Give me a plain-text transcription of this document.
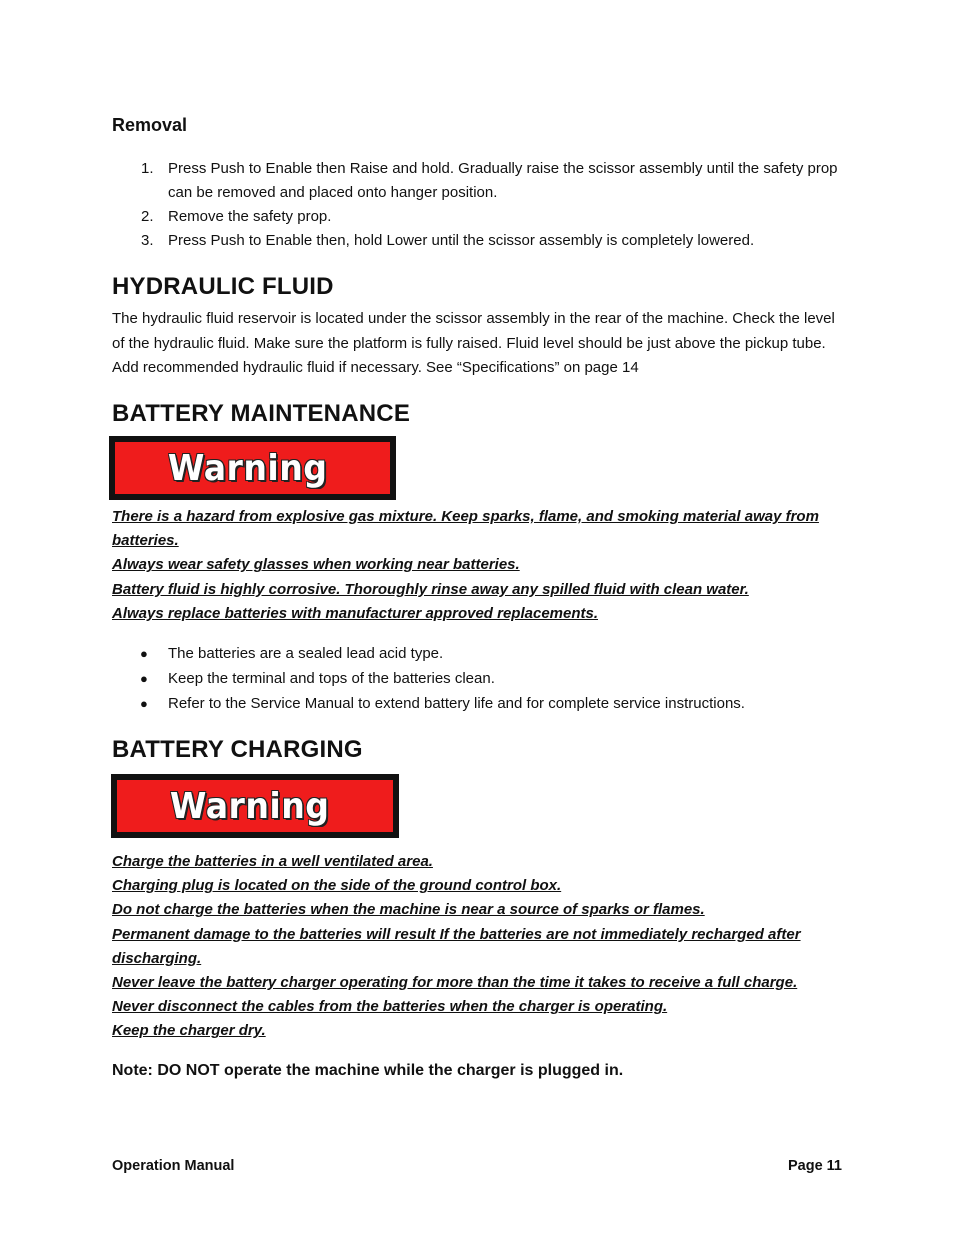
Removal
1. Press Push to Enable then Raise and hold. Gradually raise the scissor assembly until the safety prop can be removed and placed onto hanger position.
2. Remove the safety prop.
3. Press Push to Enable then, hold Lower until the scissor assembly is completely lowered.
HYDRAULIC FLUID
The hydraulic fluid reservoir is located under the scissor assembly in the rear of the machine. Check the level of the hydraulic fluid. Make sure the platform is fully raised. Fluid level should be just above the pickup tube. Add recommended hydraulic fluid if necessary. See “Specifications” on page 14
BATTERY MAINTENANCE
Warning
There is a hazard from explosive gas mixture. Keep sparks, flame, and smoking material away from
batteries.
Always wear safety glasses when working near batteries.
Battery fluid is highly corrosive. Thoroughly rinse away any spilled fluid with clean water.
Always replace batteries with manufacturer approved replacements.
● The batteries are a sealed lead acid type.
● Keep the terminal and tops of the batteries clean.
● Refer to the Service Manual to extend battery life and for complete service instructions.
BATTERY CHARGING
Warning
Charge the batteries in a well ventilated area.
Charging plug is located on the side of the ground control box.
Do not charge the batteries when the machine is near a source of sparks or flames.
Permanent damage to the batteries will result If the batteries are not immediately recharged after
discharging.
Never leave the battery charger operating for more than the time it takes to receive a full charge.
Never disconnect the cables from the batteries when the charger is operating.
Keep the charger dry.
Note: DO NOT operate the machine while the charger is plugged in.
Operation Manual	Page 11
